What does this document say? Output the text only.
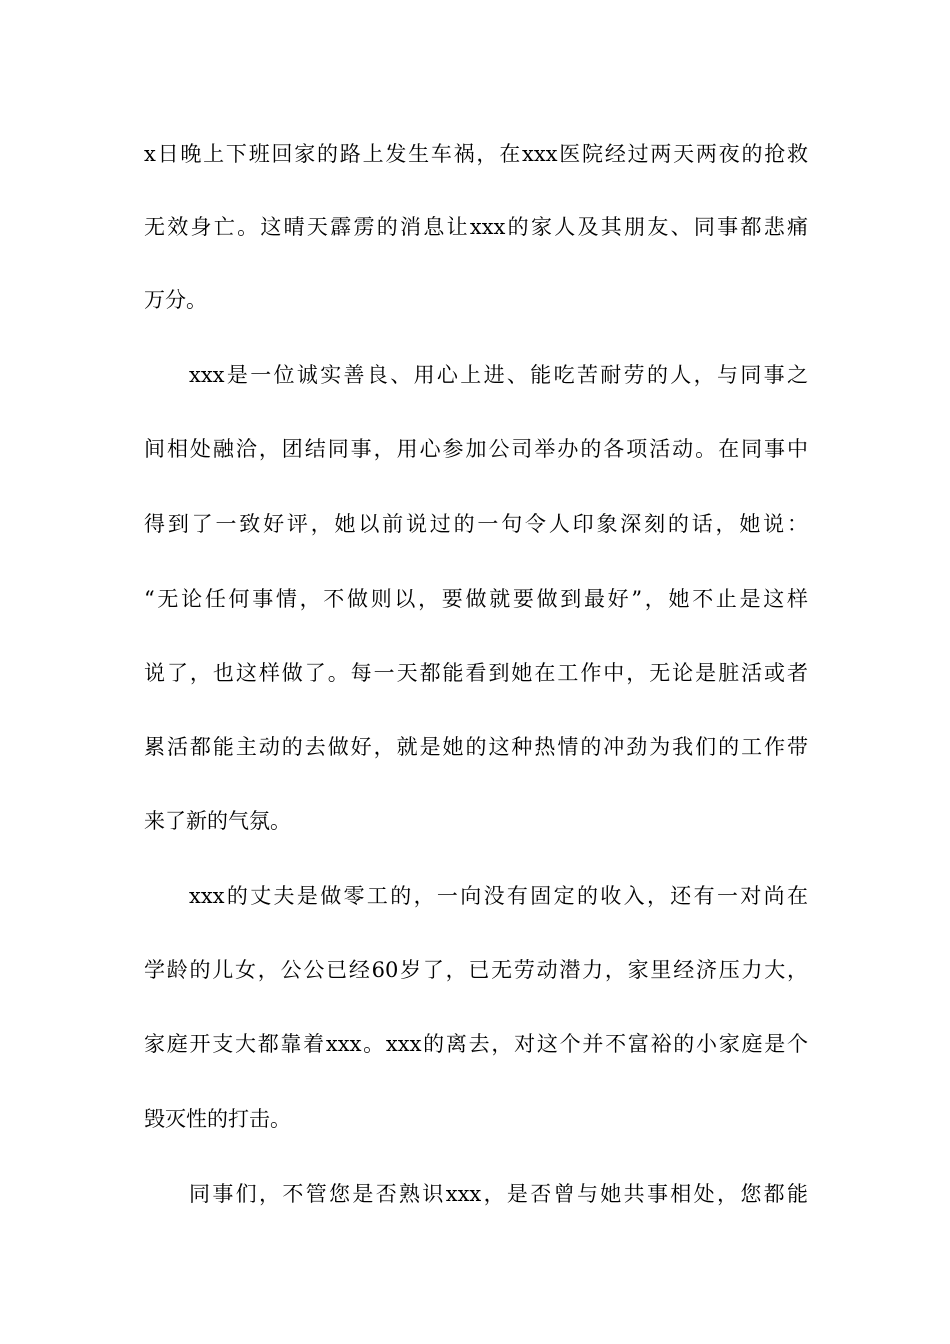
x日晚上下班回家的路上发生车祸，在xxx医院经过两天两夜的抢救
无效身亡。这晴天霹雳的消息让xxx的家人及其朋友、同事都悲痛
万分。
xxx是一位诚实善良、用心上进、能吃苦耐劳的人，与同事之
间相处融洽，团结同事，用心参加公司举办的各项活动。在同事中
得到了一致好评，她以前说过的一句令人印象深刻的话，她说：
“无论任何事情，不做则以，要做就要做到最好”，她不止是这样
说了，也这样做了。每一天都能看到她在工作中，无论是脏活或者
累活都能主动的去做好，就是她的这种热情的冲劲为我们的工作带
来了新的气氛。
xxx的丈夫是做零工的，一向没有固定的收入，还有一对尚在
学龄的儿女，公公已经60岁了，已无劳动潜力，家里经济压力大，
家庭开支大都靠着xxx。xxx的离去，对这个并不富裕的小家庭是个
毁灭性的打击。
同事们，不管您是否熟识xxx，是否曾与她共事相处，您都能
